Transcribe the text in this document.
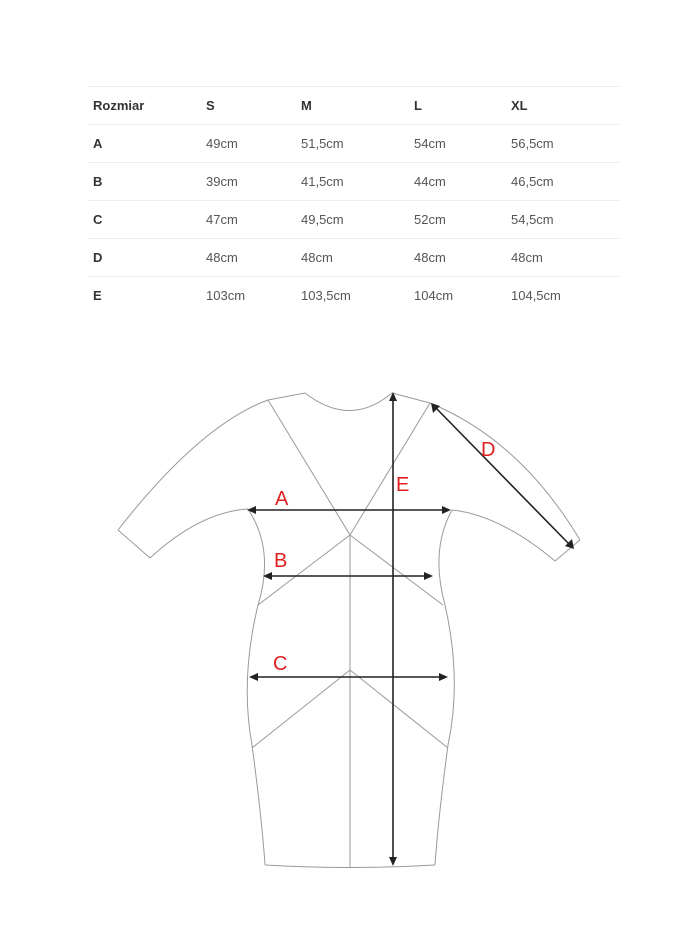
Rozmiar	S	M	L	XL
A	49cm	51,5cm	54cm	56,5cm
B	39cm	41,5cm	44cm	46,5cm
C	47cm	49,5cm	52cm	54,5cm
D	48cm	48cm	48cm	48cm
E	103cm	103,5cm	104cm	104,5cm
A
B
C
D
E
